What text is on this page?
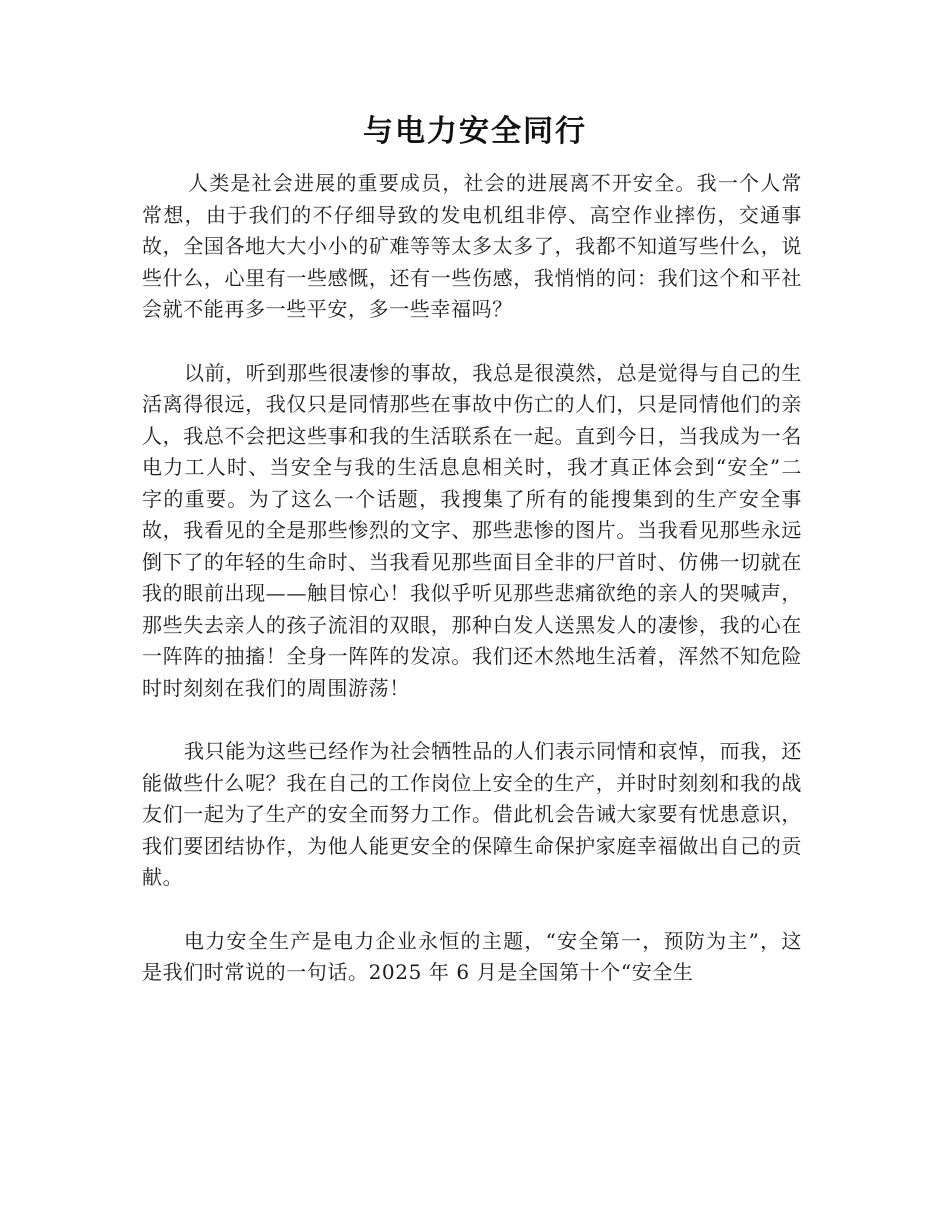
与电力安全同行

人类是社会进展的重要成员，社会的进展离不开安全。我一个人常常想，由于我们的不仔细导致的发电机组非停、高空作业摔伤，交通事故，全国各地大大小小的矿难等等太多太多了，我都不知道写些什么，说些什么，心里有一些感慨，还有一些伤感，我悄悄的问：我们这个和平社会就不能再多一些平安，多一些幸福吗？

以前，听到那些很凄惨的事故，我总是很漠然，总是觉得与自己的生活离得很远，我仅只是同情那些在事故中伤亡的人们，只是同情他们的亲人，我总不会把这些事和我的生活联系在一起。直到今日，当我成为一名电力工人时、当安全与我的生活息息相关时，我才真正体会到“安全”二字的重要。为了这么一个话题，我搜集了所有的能搜集到的生产安全事故，我看见的全是那些惨烈的文字、那些悲惨的图片。当我看见那些永远倒下了的年轻的生命时、当我看见那些面目全非的尸首时、仿佛一切就在我的眼前出现——触目惊心！我似乎听见那些悲痛欲绝的亲人的哭喊声，那些失去亲人的孩子流泪的双眼，那种白发人送黑发人的凄惨，我的心在一阵阵的抽搐！全身一阵阵的发凉。我们还木然地生活着，浑然不知危险时时刻刻在我们的周围游荡！

我只能为这些已经作为社会牺牲品的人们表示同情和哀悼，而我，还能做些什么呢？我在自己的工作岗位上安全的生产，并时时刻刻和我的战友们一起为了生产的安全而努力工作。借此机会告诫大家要有忧患意识，我们要团结协作，为他人能更安全的保障生命保护家庭幸福做出自己的贡献。

电力安全生产是电力企业永恒的主题，“安全第一，预防为主”，这是我们时常说的一句话。2025 年 6 月是全国第十个“安全生
